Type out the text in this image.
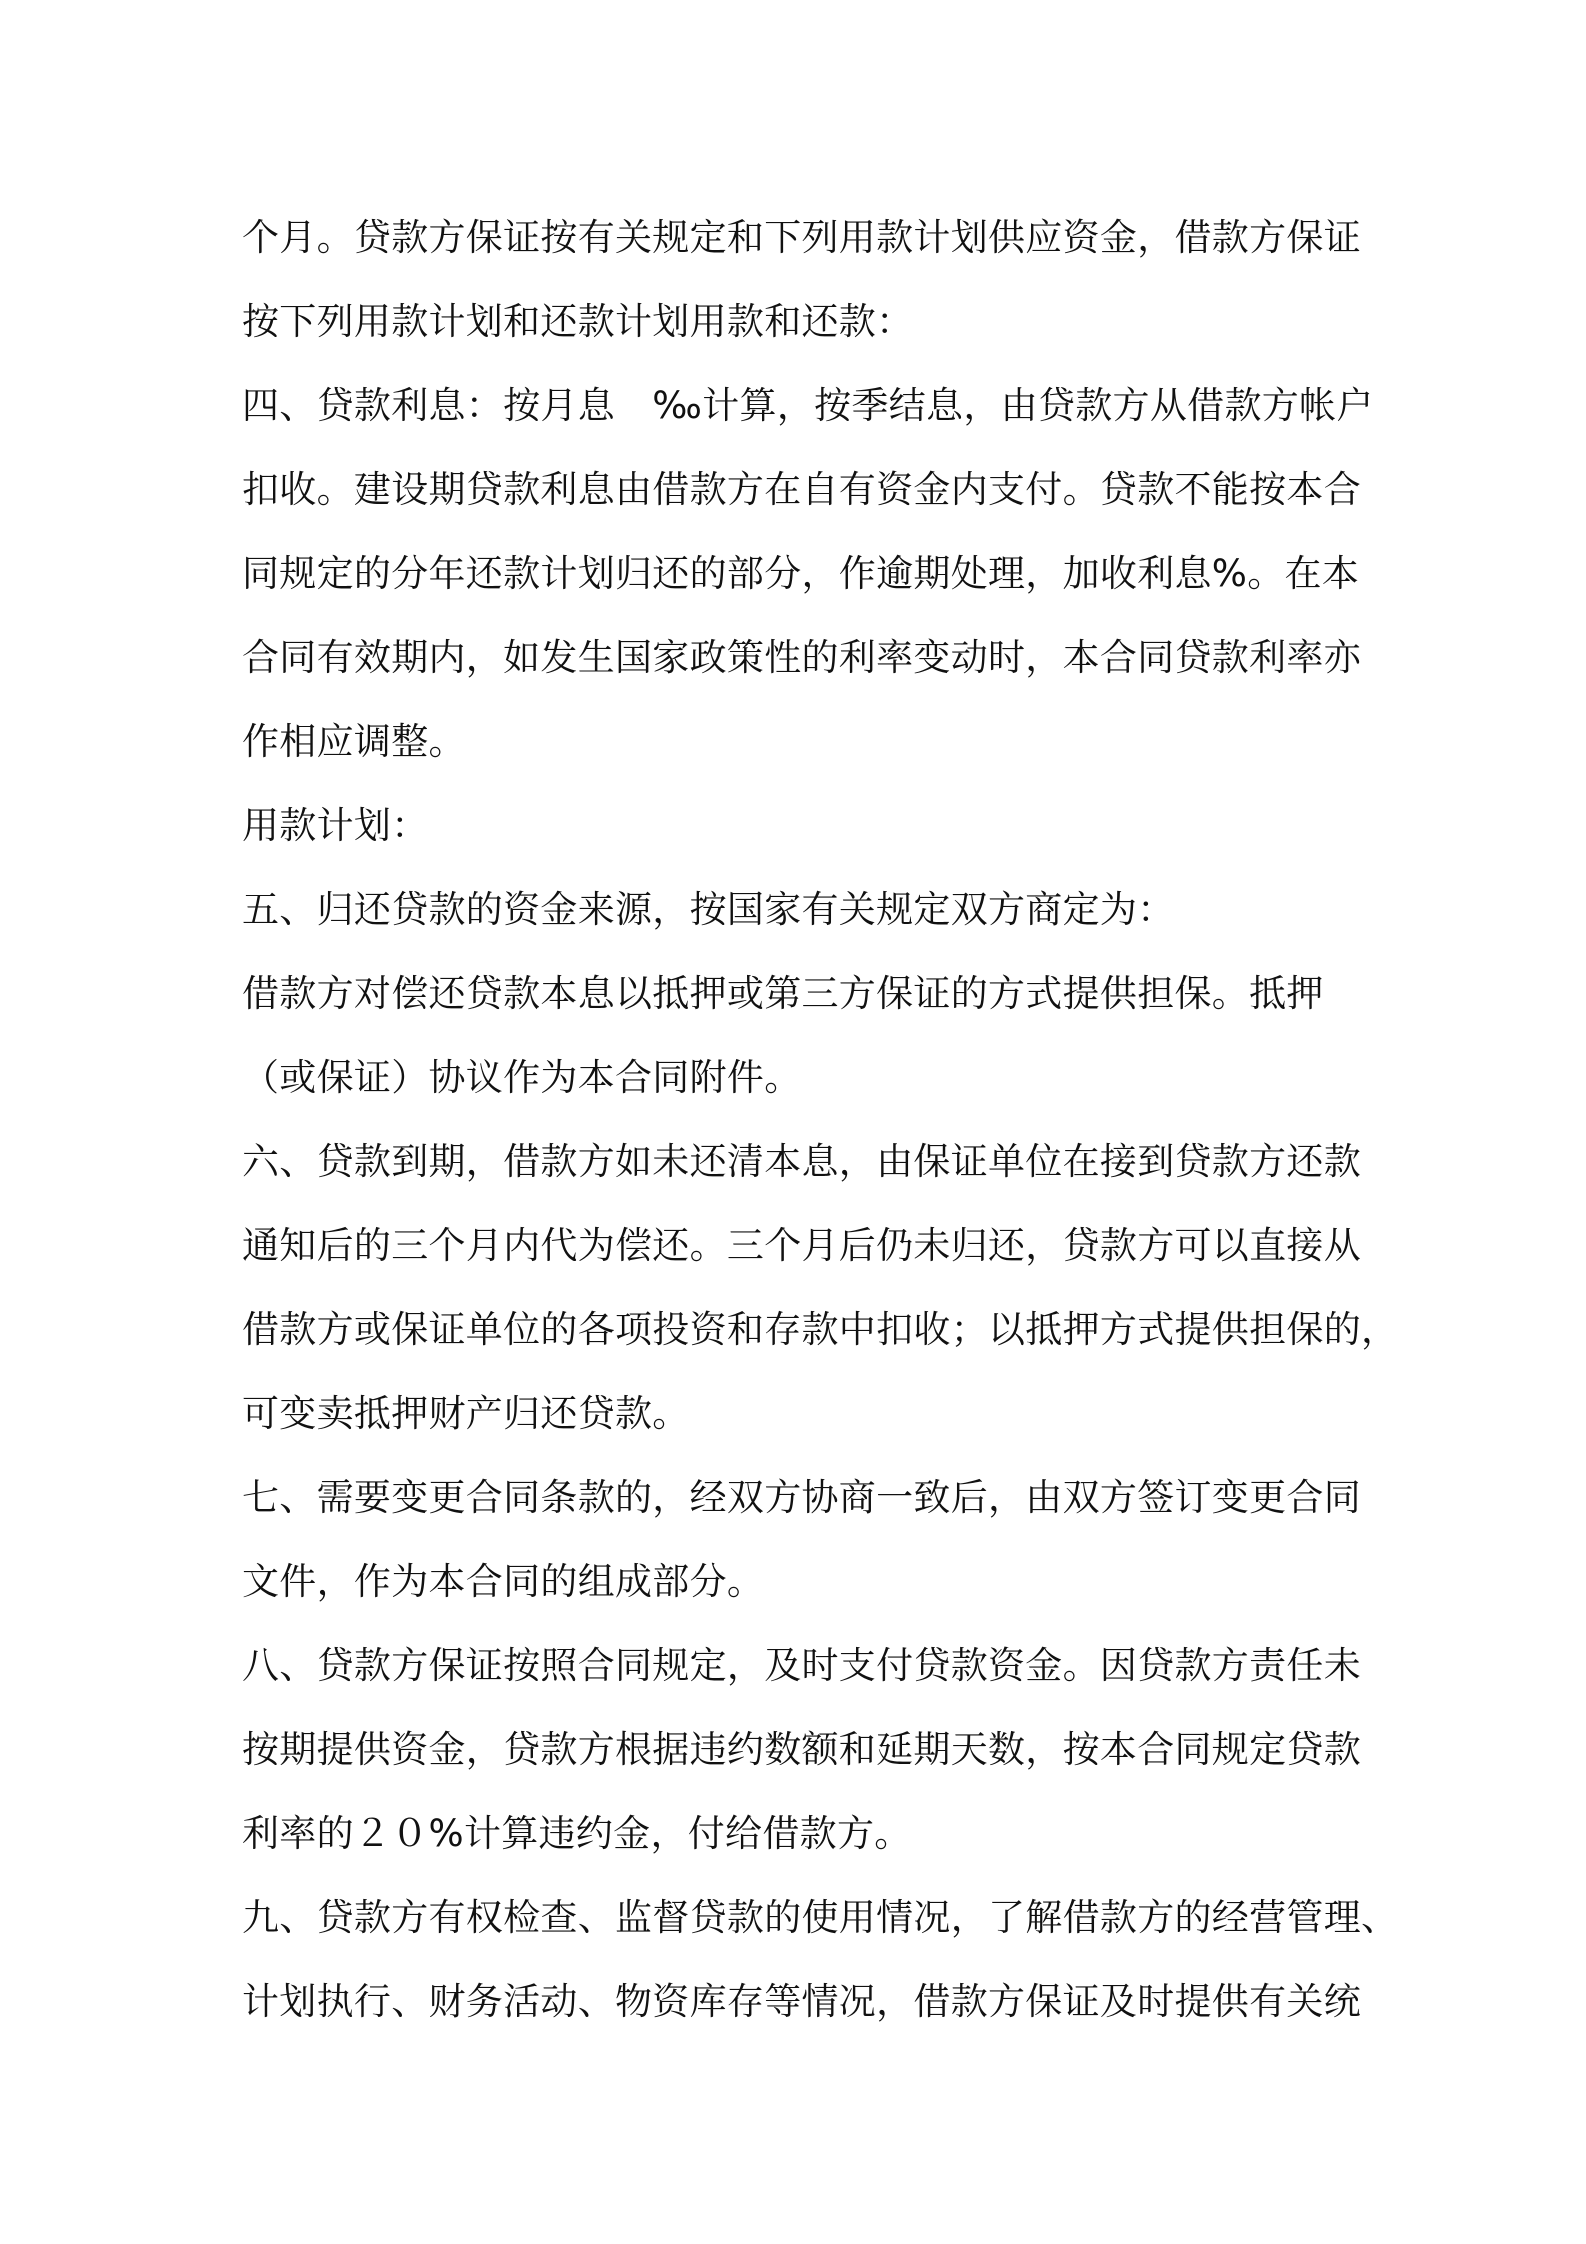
个月。贷款方保证按有关规定和下列用款计划供应资金，借款方保证
按下列用款计划和还款计划用款和还款：
四、贷款利息：按月息　‰计算，按季结息，由贷款方从借款方帐户
扣收。建设期贷款利息由借款方在自有资金内支付。贷款不能按本合
同规定的分年还款计划归还的部分，作逾期处理，加收利息%。在本
合同有效期内，如发生国家政策性的利率变动时，本合同贷款利率亦
作相应调整。
用款计划：
五、归还贷款的资金来源，按国家有关规定双方商定为：
借款方对偿还贷款本息以抵押或第三方保证的方式提供担保。抵押
（或保证）协议作为本合同附件。
六、贷款到期，借款方如未还清本息，由保证单位在接到贷款方还款
通知后的三个月内代为偿还。三个月后仍未归还，贷款方可以直接从
借款方或保证单位的各项投资和存款中扣收；以抵押方式提供担保的，
可变卖抵押财产归还贷款。
七、需要变更合同条款的，经双方协商一致后，由双方签订变更合同
文件，作为本合同的组成部分。
八、贷款方保证按照合同规定，及时支付贷款资金。因贷款方责任未
按期提供资金，贷款方根据违约数额和延期天数，按本合同规定贷款
利率的２０%计算违约金，付给借款方。
九、贷款方有权检查、监督贷款的使用情况，了解借款方的经营管理、
计划执行、财务活动、物资库存等情况，借款方保证及时提供有关统
